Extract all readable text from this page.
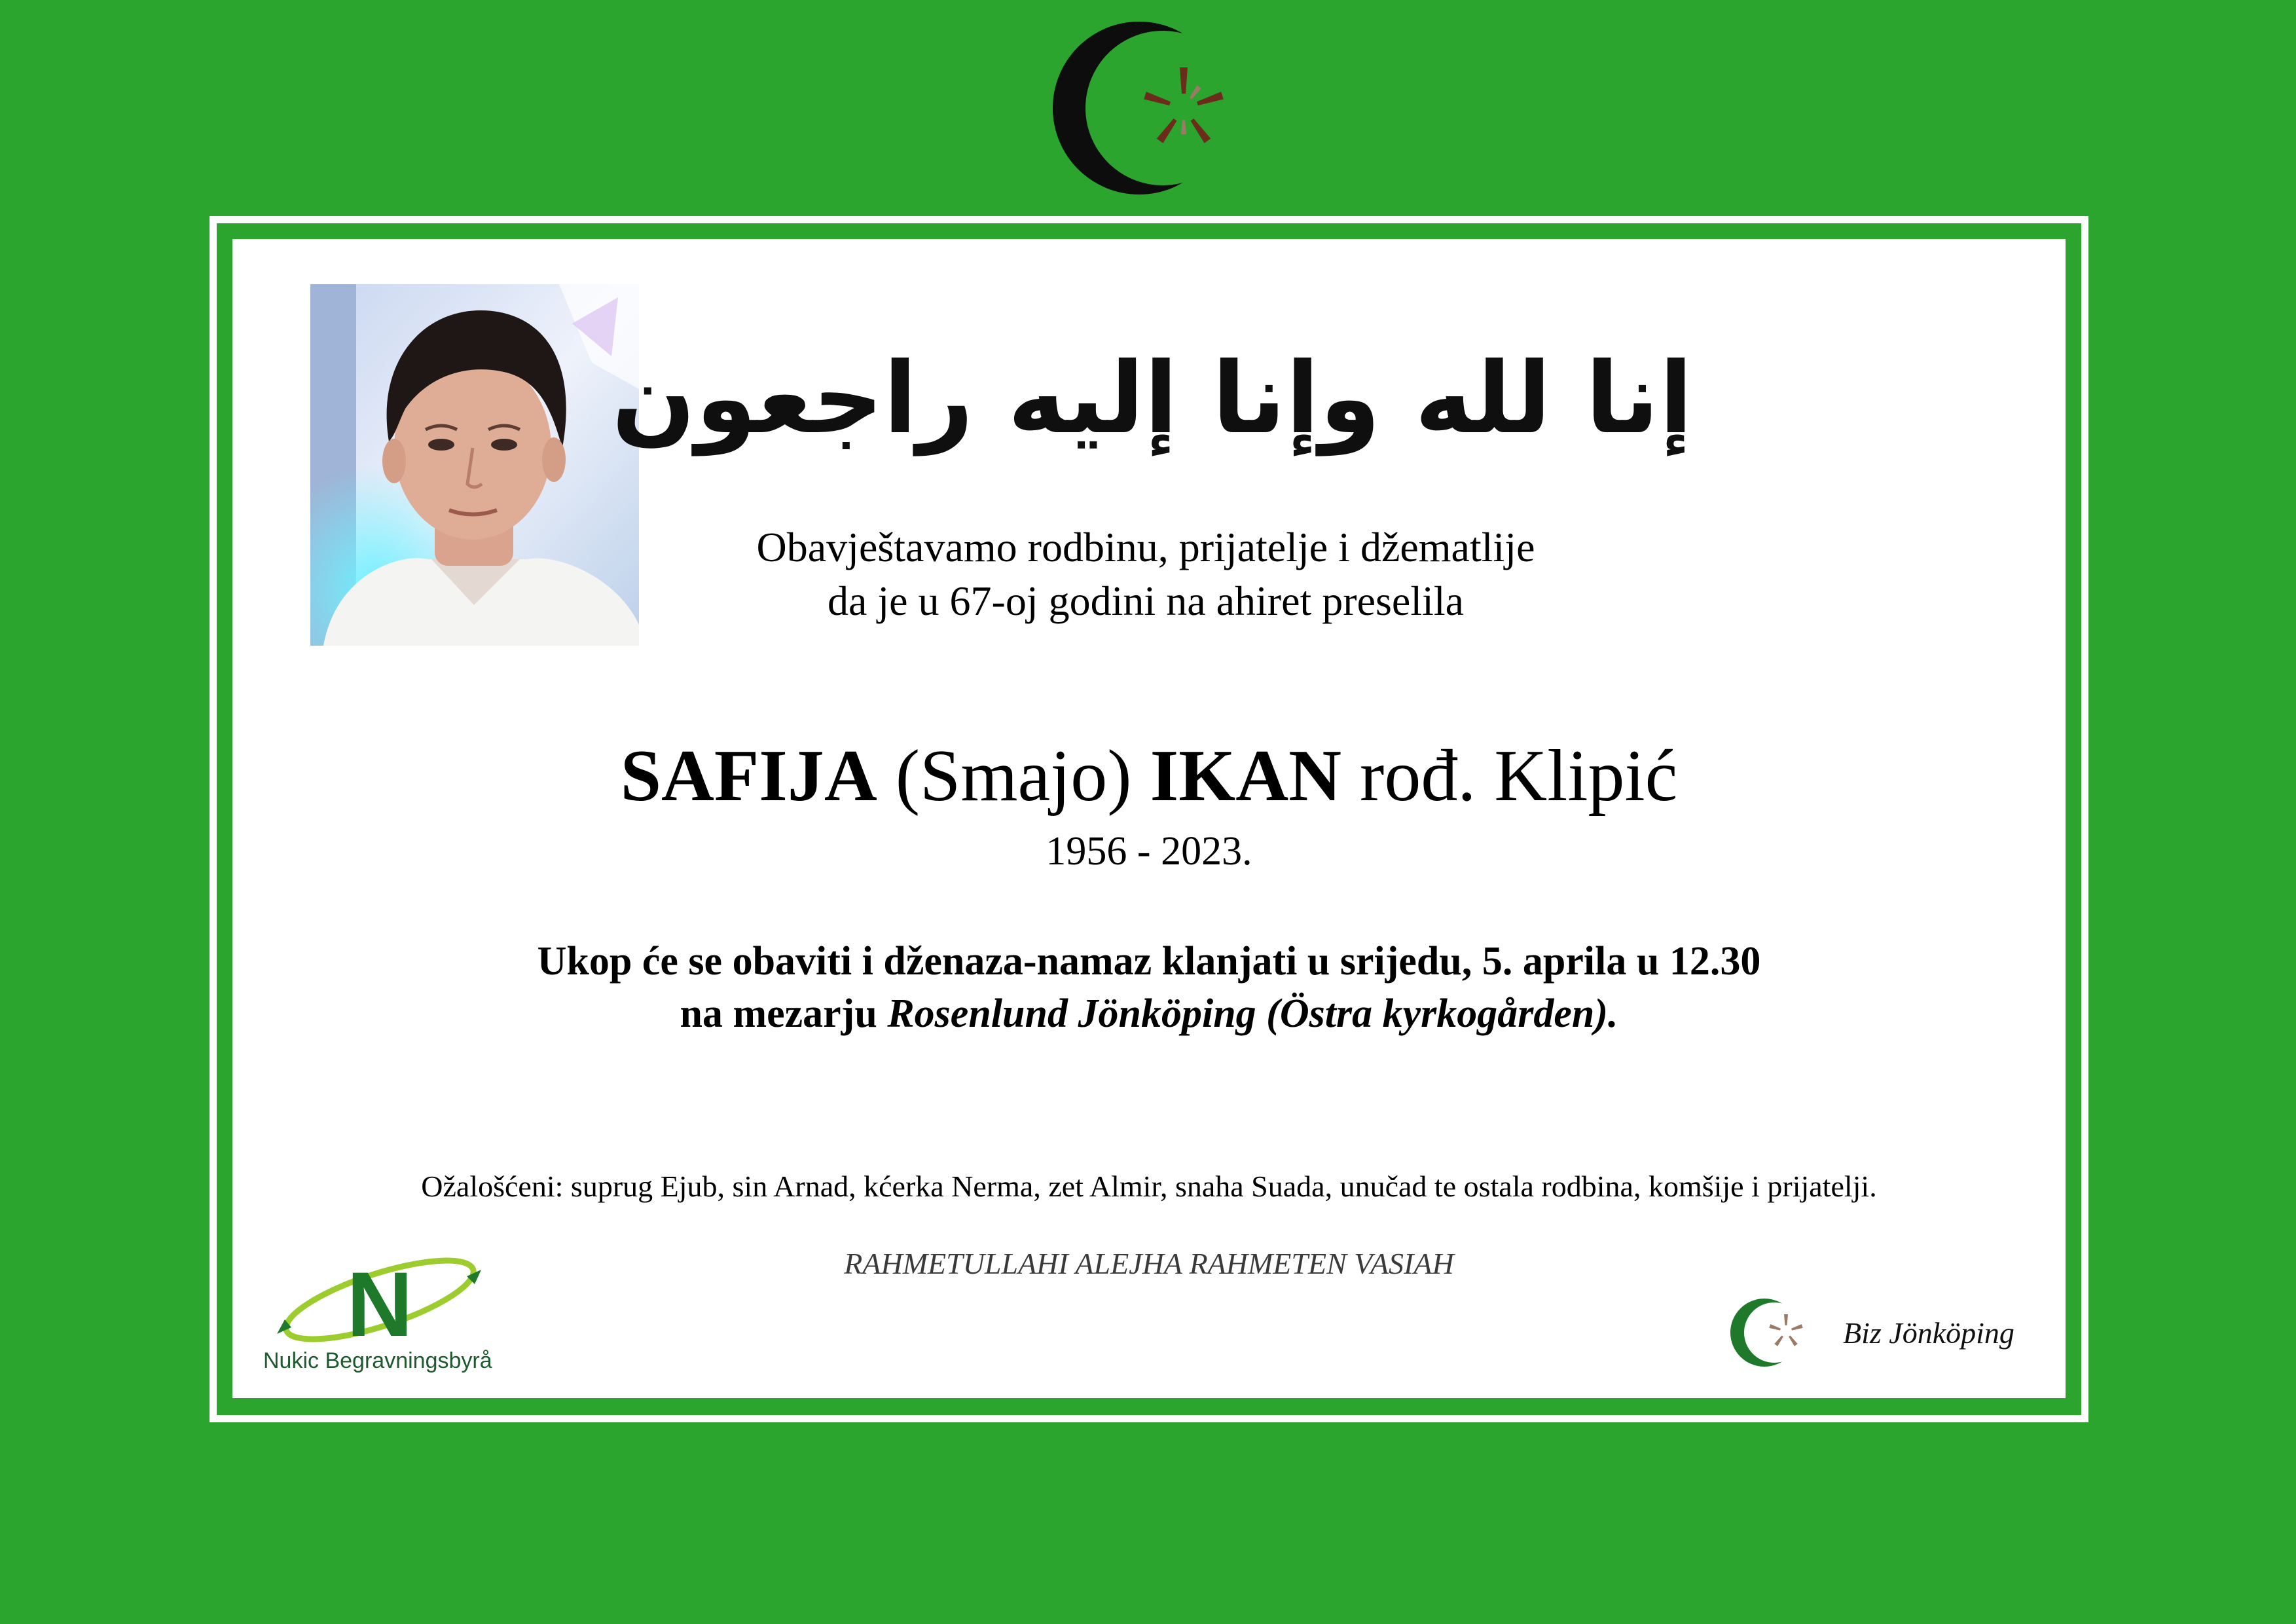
إنا لله وإنا إليه راجعون
Obavještavamo rodbinu, prijatelje i džematlije
da je u 67-oj godini na ahiret preselila
SAFIJA (Smajo) IKAN rođ. Klipić
1956 - 2023.
Ukop će se obaviti i dženaza-namaz klanjati u srijedu, 5. aprila u 12.30
na mezarju Rosenlund Jönköping (Östra kyrkogården).
Ožalošćeni: suprug Ejub, sin Arnad, kćerka Nerma, zet Almir, snaha Suada, unučad te ostala rodbina, komšije i prijatelji.
RAHMETULLAHI ALEJHA RAHMETEN VASIAH
N
Nukic Begravningsbyrå
Biz Jönköping
